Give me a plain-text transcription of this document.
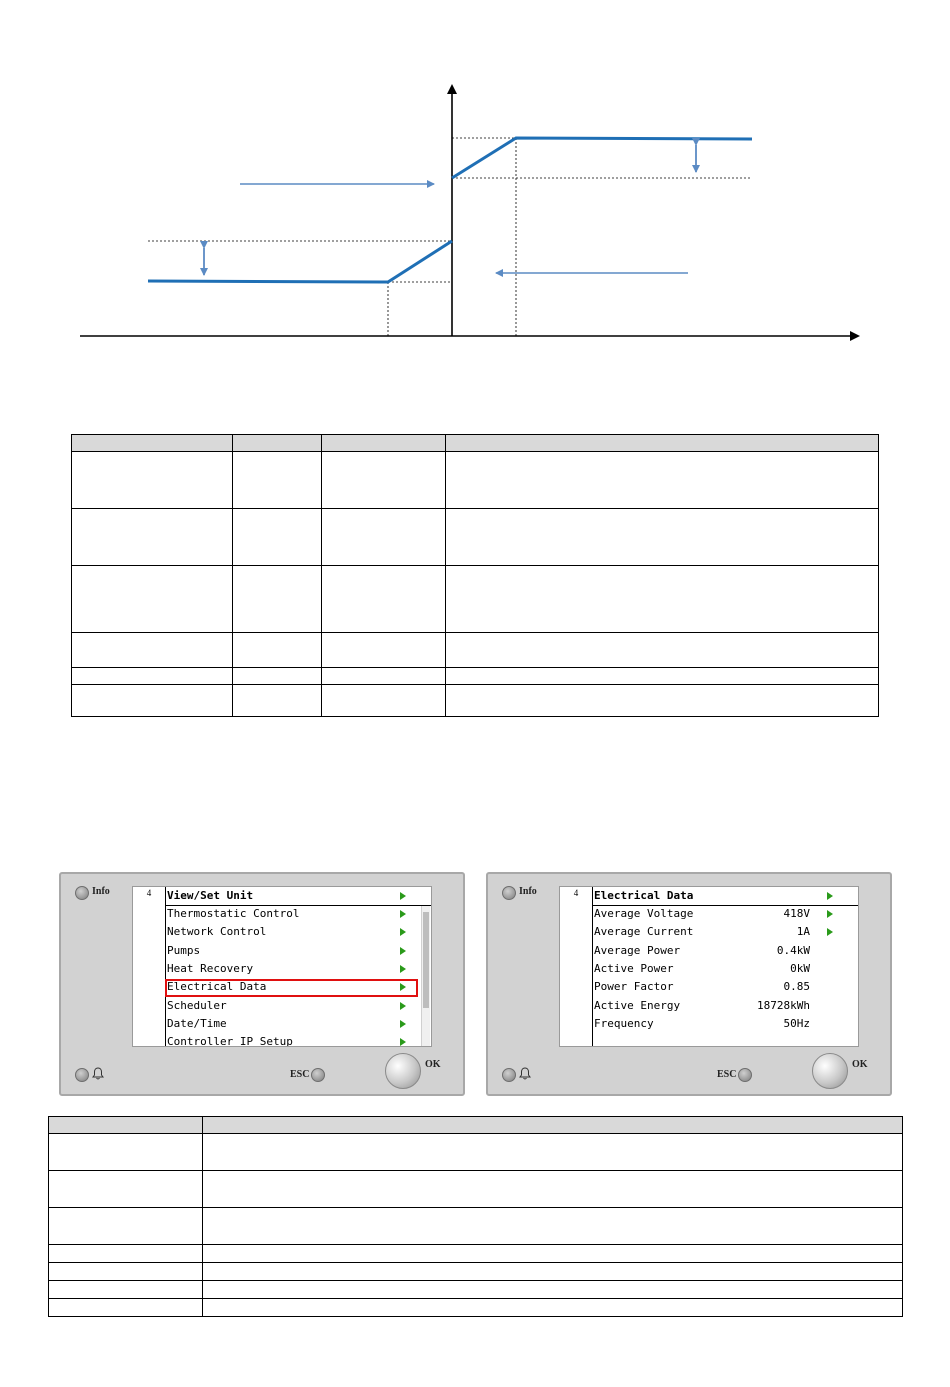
Info	4	View/Set Unit
Thermostatic Control
Network Control
Pumps
Heat Recovery
Electrical Data
Scheduler
Date/Time
Controller IP Setup
ESC
OK
Info	4	Electrical Data
Average Voltage	418V
Average Current	1A
Average Power	0.4kW
Active Power	0kW
Power Factor	0.85
Active Energy	18728kWh
Frequency	50Hz
ESC
OK
